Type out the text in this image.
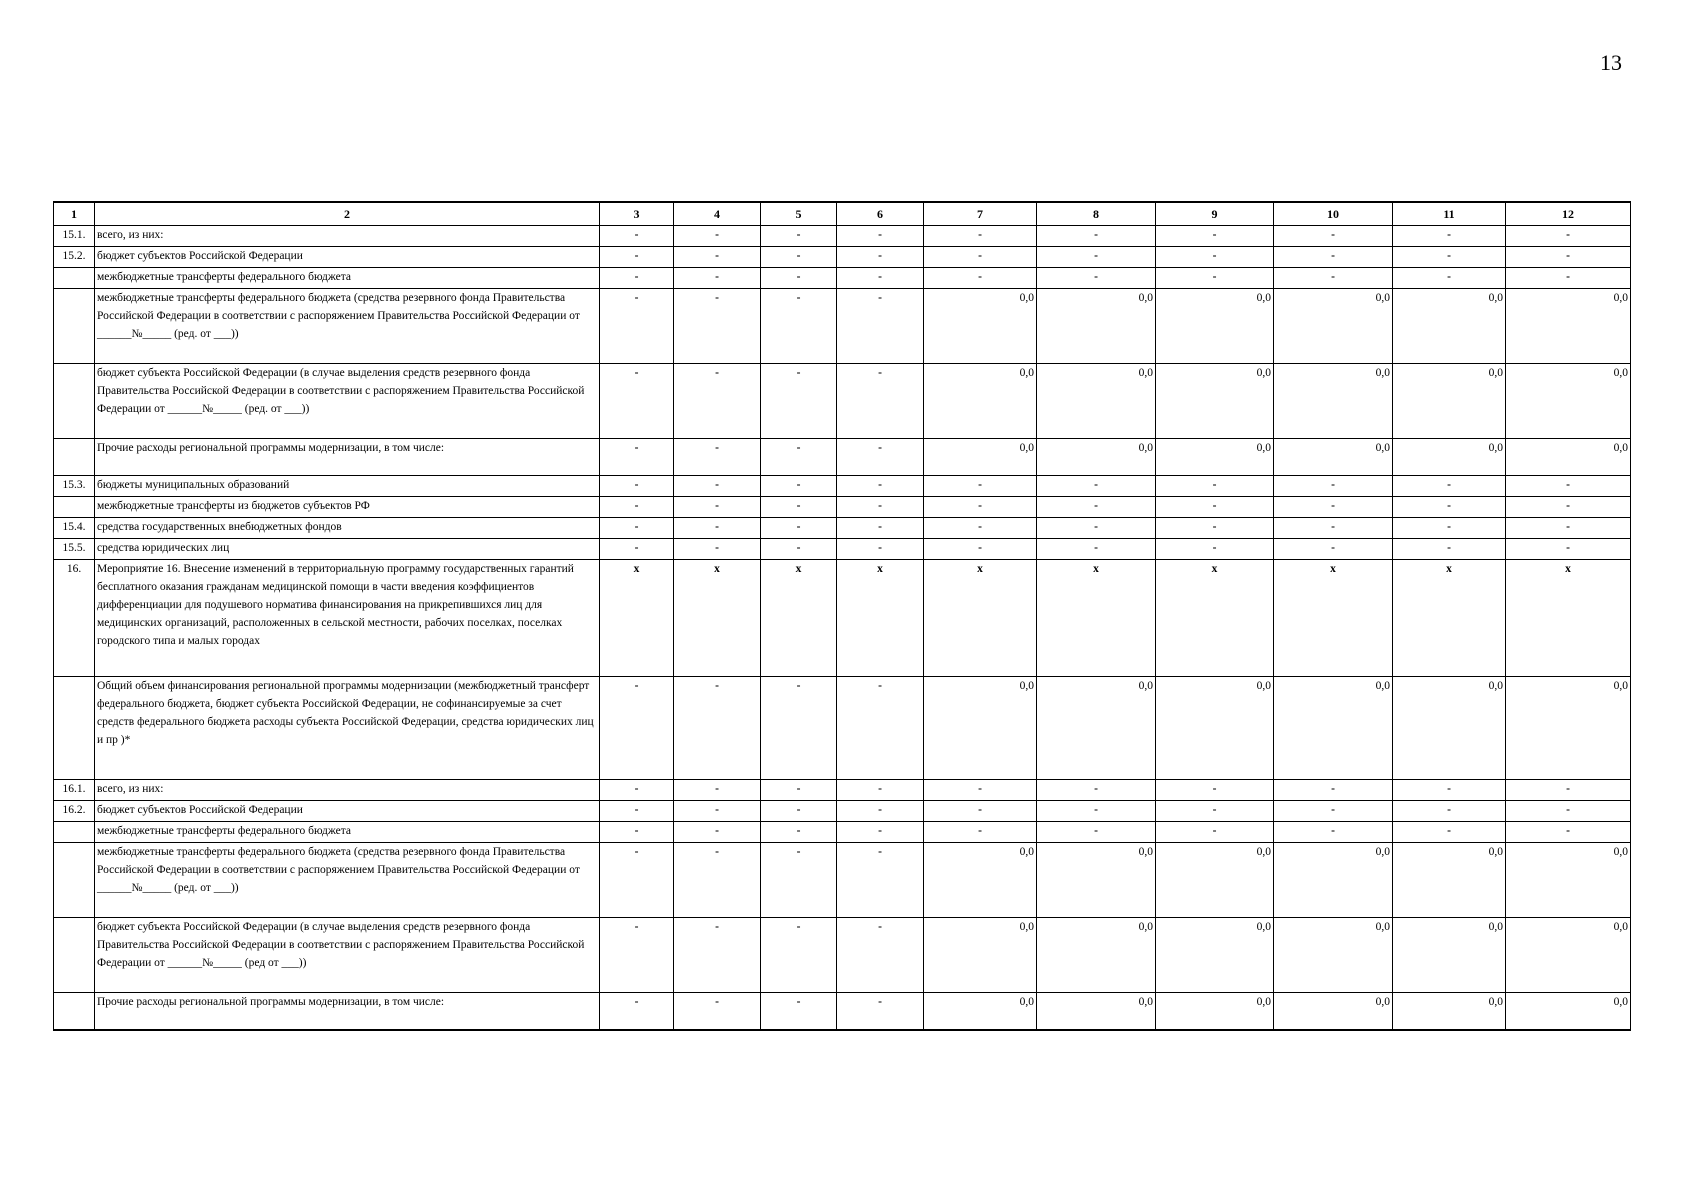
13
1	2	3	4	5	6	7	8	9	10	11	12
15.1.	всего, из них:	-	-	-	-	-	-	-	-	-	-
15.2.	бюджет субъектов Российской Федерации	-	-	-	-	-	-	-	-	-	-
	межбюджетные трансферты федерального бюджета	-	-	-	-	-	-	-	-	-	-
	межбюджетные трансферты федерального бюджета (средства резервного фонда Правительства Российской Федерации в соответствии с распоряжением Правительства Российской Федерации от ______№_____ (ред. от ___))	-	-	-	-	0,0	0,0	0,0	0,0	0,0	0,0
	бюджет субъекта Российской Федерации (в случае выделения средств резервного фонда Правительства Российской Федерации в соответствии с распоряжением Правительства Российской Федерации от ______№_____ (ред. от ___))	-	-	-	-	0,0	0,0	0,0	0,0	0,0	0,0
	Прочие расходы региональной программы модернизации, в том числе:	-	-	-	-	0,0	0,0	0,0	0,0	0,0	0,0
15.3.	бюджеты муниципальных образований	-	-	-	-	-	-	-	-	-	-
	межбюджетные трансферты из бюджетов субъектов РФ	-	-	-	-	-	-	-	-	-	-
15.4.	средства государственных внебюджетных фондов	-	-	-	-	-	-	-	-	-	-
15.5.	средства юридических лиц	-	-	-	-	-	-	-	-	-	-
16.	Мероприятие 16. Внесение изменений в территориальную программу государственных гарантий бесплатного оказания гражданам медицинской помощи в части введения коэффициентов дифференциации для подушевого норматива финансирования на прикрепившихся лиц для медицинских организаций, расположенных в сельской местности, рабочих поселках, поселках городского типа и малых городах	x	x	x	x	x	x	x	x	x	x
	Общий объем финансирования региональной программы модернизации (межбюджетный трансферт федерального бюджета, бюджет субъекта Российской Федерации, не софинансируемые за счет средств федерального бюджета расходы субъекта Российской Федерации, средства юридических лиц и пр )*	-	-	-	-	0,0	0,0	0,0	0,0	0,0	0,0
16.1.	всего, из них:	-	-	-	-	-	-	-	-	-	-
16.2.	бюджет субъектов Российской Федерации	-	-	-	-	-	-	-	-	-	-
	межбюджетные трансферты федерального бюджета	-	-	-	-	-	-	-	-	-	-
	межбюджетные трансферты федерального бюджета (средства резервного фонда Правительства Российской Федерации в соответствии с распоряжением Правительства Российской Федерации от ______№_____ (ред. от ___))	-	-	-	-	0,0	0,0	0,0	0,0	0,0	0,0
	бюджет субъекта Российской Федерации (в случае выделения средств резервного фонда Правительства Российской Федерации в соответствии с распоряжением Правительства Российской Федерации от ______№_____ (ред от ___))	-	-	-	-	0,0	0,0	0,0	0,0	0,0	0,0
	Прочие расходы региональной программы модернизации, в том числе:	-	-	-	-	0,0	0,0	0,0	0,0	0,0	0,0
